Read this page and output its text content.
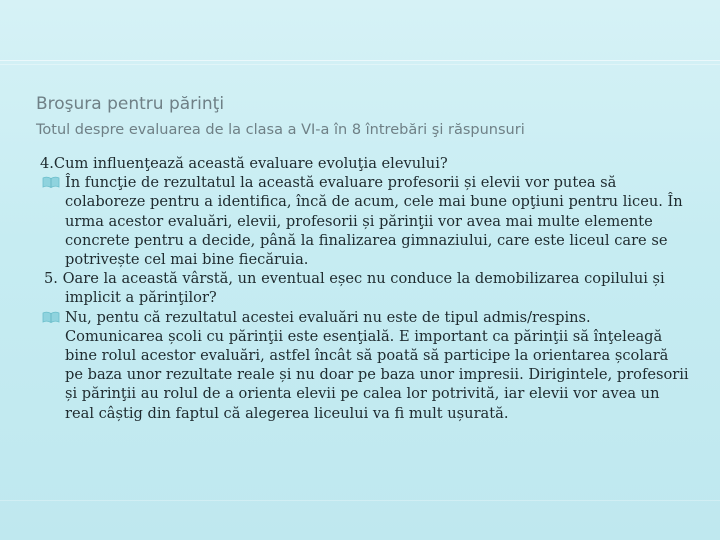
Broşura pentru părinţi
Totul despre evaluarea de la clasa a VI-a în 8 întrebări şi răspunsuri
4.Cum influenţează această evaluare evoluţia elevului?
În funcţie de rezultatul la această evaluare profesorii și elevii vor putea să colaboreze pentru a identifica, încă de acum, cele mai bune opţiuni pentru liceu. În urma acestor evaluări, elevii, profesorii și părinţii vor avea mai multe elemente concrete pentru a decide, până la finalizarea gimnaziului, care este liceul care se potrivește cel mai bine fiecăruia.
5. Oare la această vârstă, un eventual eșec nu conduce la demobilizarea copilului și implicit a părinţilor?
Nu, pentu că rezultatul acestei evaluări nu este de tipul admis/respins. Comunicarea școli cu părinţii este esenţială. E important ca părinţii să înţeleagă bine rolul acestor evaluări, astfel încât să poată să participe la orientarea școlară pe baza unor rezultate reale și nu doar pe baza unor impresii. Dirigintele, profesorii și părinţii au rolul de a orienta elevii pe calea lor potrivită, iar elevii vor avea un real câștig din faptul că alegerea liceului va fi mult ușurată.
